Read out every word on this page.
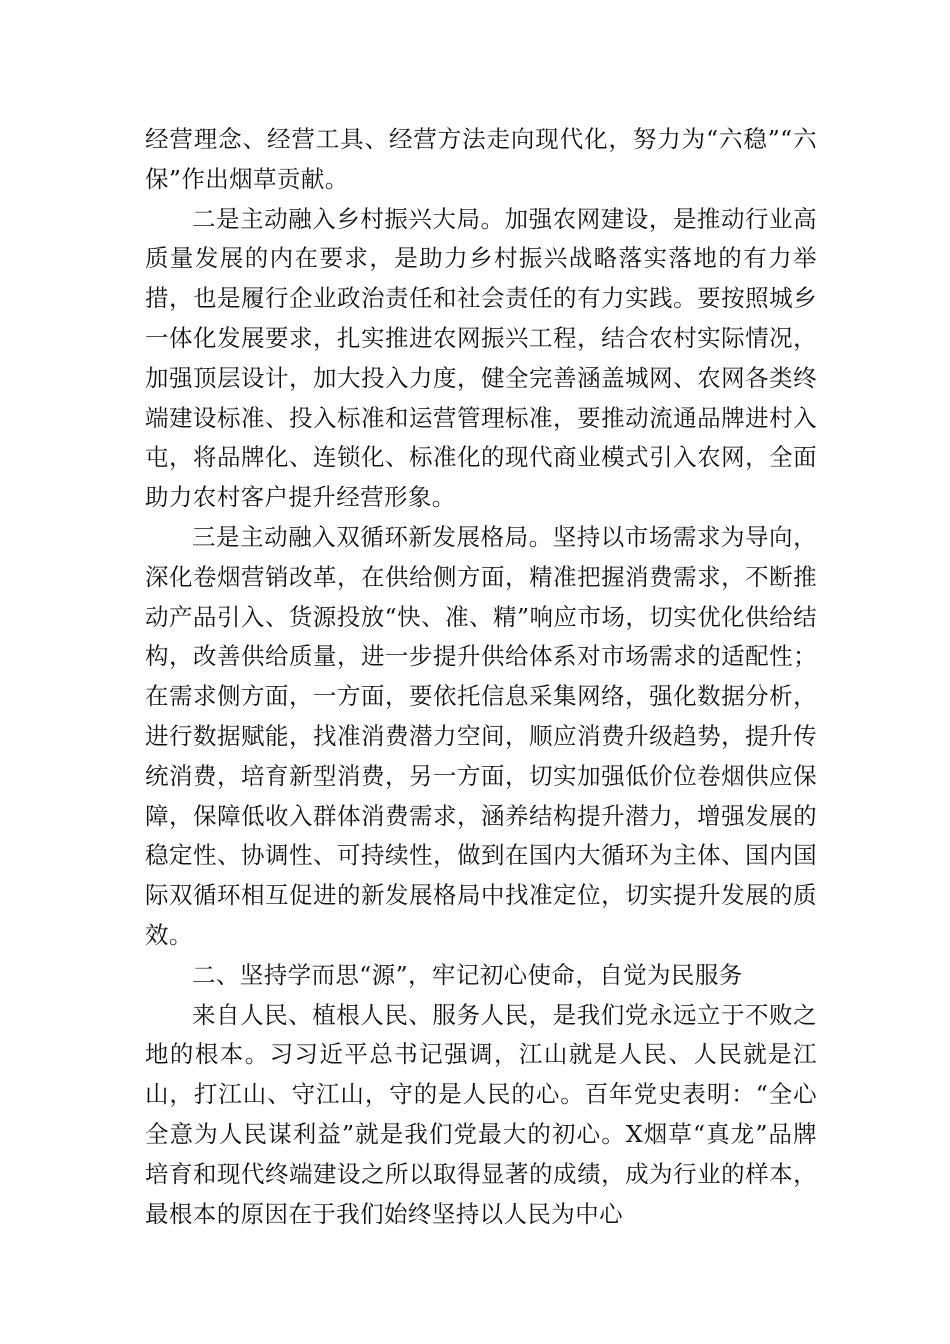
经营理念、经营工具、经营方法走向现代化，努力为“六稳”“六保”作出烟草贡献。

二是主动融入乡村振兴大局。加强农网建设，是推动行业高质量发展的内在要求，是助力乡村振兴战略落实落地的有力举措，也是履行企业政治责任和社会责任的有力实践。要按照城乡一体化发展要求，扎实推进农网振兴工程，结合农村实际情况，加强顶层设计，加大投入力度，健全完善涵盖城网、农网各类终端建设标准、投入标准和运营管理标准，要推动流通品牌进村入屯，将品牌化、连锁化、标准化的现代商业模式引入农网，全面助力农村客户提升经营形象。

三是主动融入双循环新发展格局。坚持以市场需求为导向，深化卷烟营销改革，在供给侧方面，精准把握消费需求，不断推动产品引入、货源投放“快、准、精”响应市场，切实优化供给结构，改善供给质量，进一步提升供给体系对市场需求的适配性；在需求侧方面，一方面，要依托信息采集网络，强化数据分析，进行数据赋能，找准消费潜力空间，顺应消费升级趋势，提升传统消费，培育新型消费，另一方面，切实加强低价位卷烟供应保障，保障低收入群体消费需求，涵养结构提升潜力，增强发展的稳定性、协调性、可持续性，做到在国内大循环为主体、国内国际双循环相互促进的新发展格局中找准定位，切实提升发展的质效。

二、坚持学而思“源”，牢记初心使命，自觉为民服务

来自人民、植根人民、服务人民，是我们党永远立于不败之地的根本。习习近平总书记强调，江山就是人民、人民就是江山，打江山、守江山，守的是人民的心。百年党史表明：“全心全意为人民谋利益”就是我们党最大的初心。X烟草“真龙”品牌培育和现代终端建设之所以取得显著的成绩，成为行业的样本，最根本的原因在于我们始终坚持以人民为中心
